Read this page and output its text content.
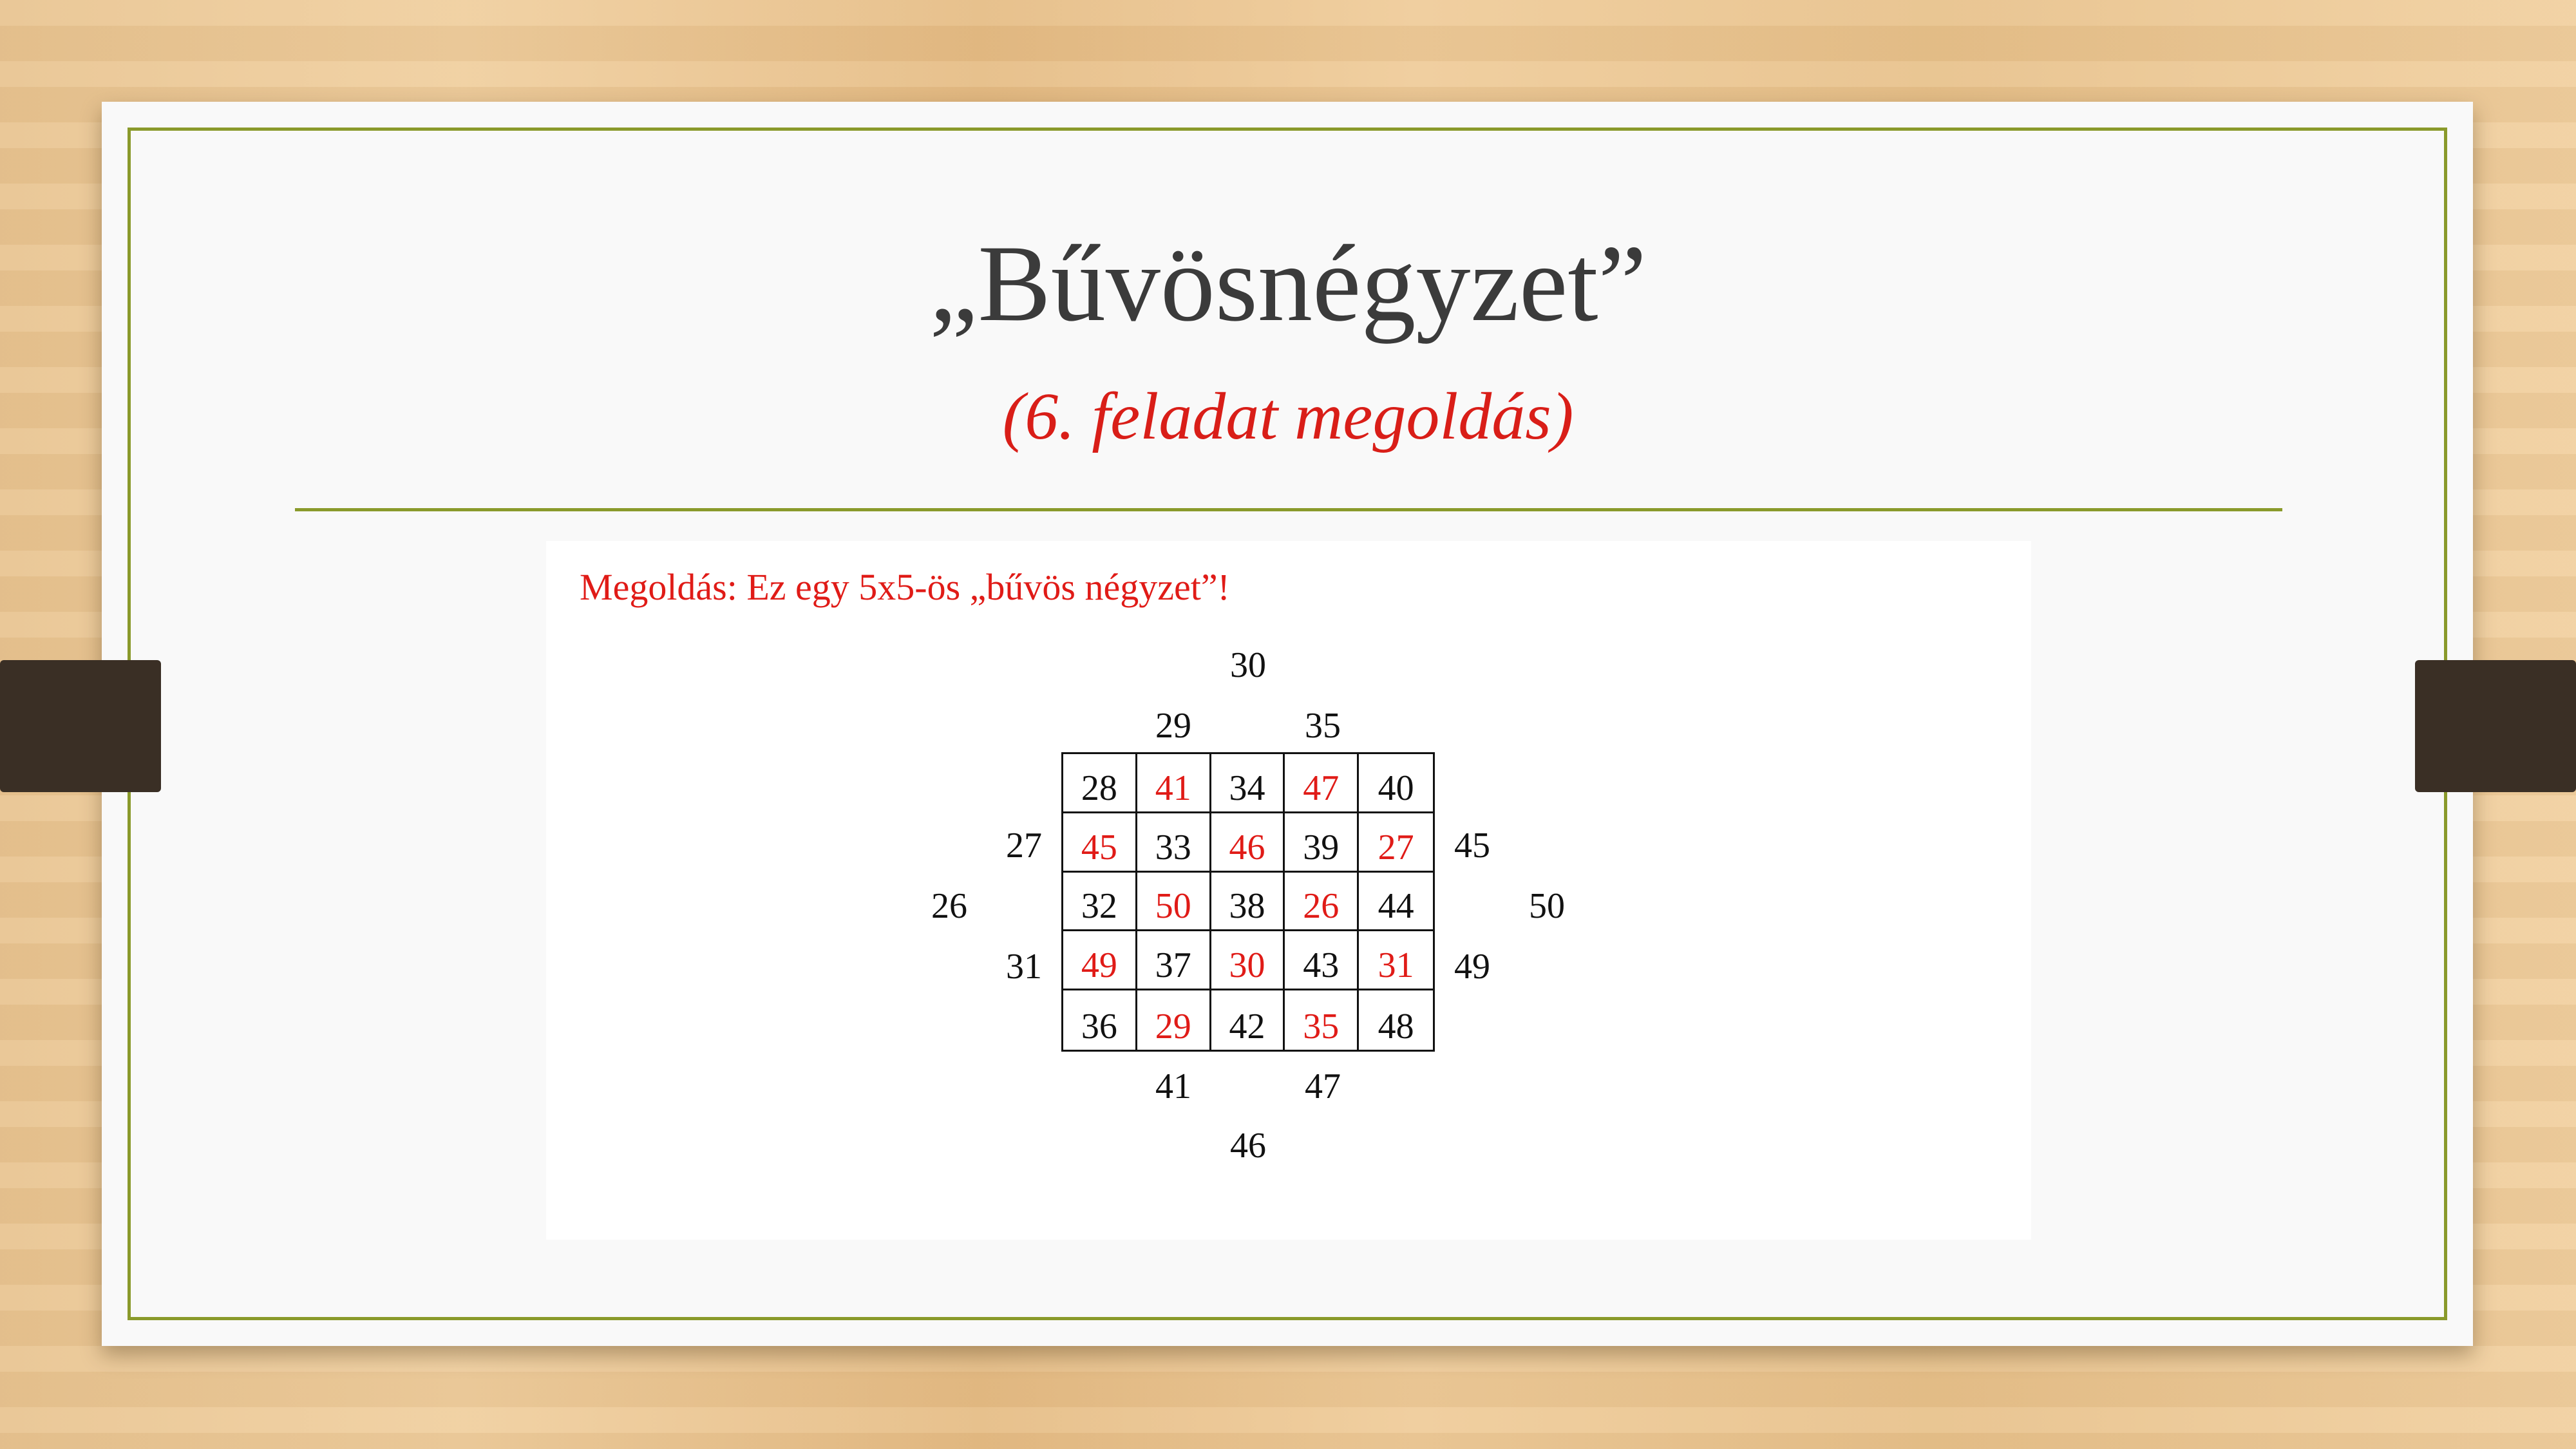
„Bűvösnégyzet”
(6. feladat megoldás)
Megoldás: Ez egy 5x5-ös „bűvös négyzet”!
30
29	35
27	45
26	50
31	49
41	47
46
28	41	34	47	40
45	33	46	39	27
32	50	38	26	44
49	37	30	43	31
36	29	42	35	48
